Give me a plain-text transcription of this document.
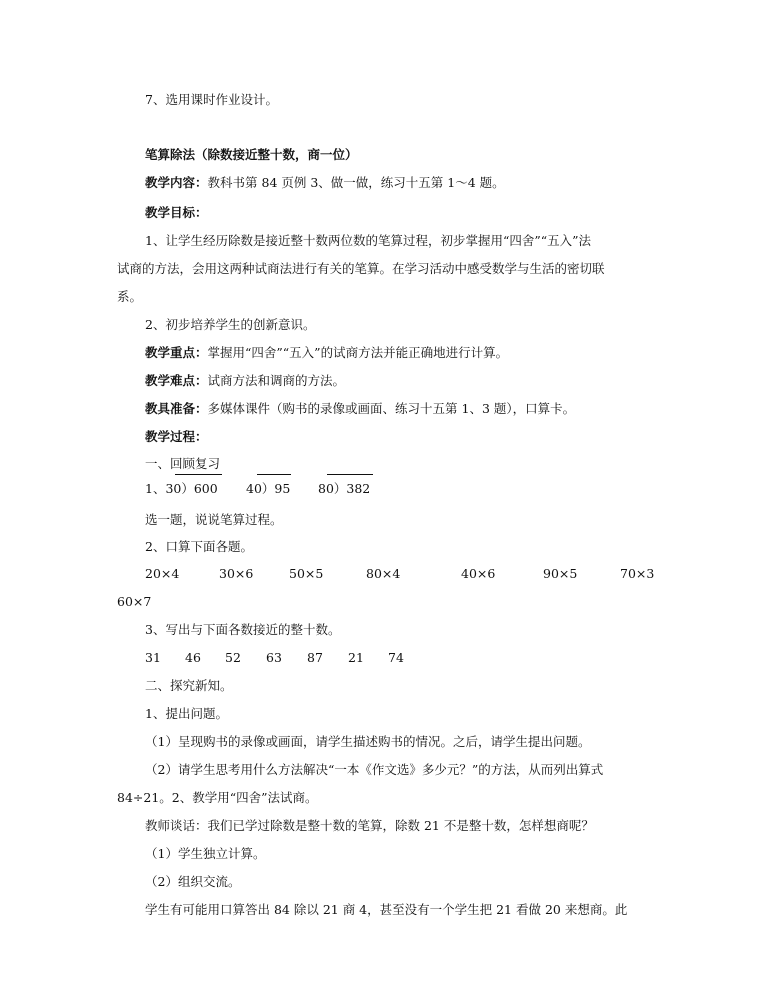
7、选用课时作业设计。
笔算除法（除数接近整十数，商一位）
教学内容：教科书第 84 页例 3、做一做，练习十五第 1～4 题。
教学目标：
1、让学生经历除数是接近整十数两位数的笔算过程，初步掌握用“四舍”“五入”法
试商的方法，会用这两种试商法进行有关的笔算。在学习活动中感受数学与生活的密切联
系。
2、初步培养学生的创新意识。
教学重点：掌握用“四舍”“五入”的试商方法并能正确地进行计算。
教学难点：试商方法和调商的方法。
教具准备：多媒体课件（购书的录像或画面、练习十五第 1、3 题），口算卡。
教学过程：
一、回顾复习
1、30）600 40）95 80）382
选一题，说说笔算过程。
2、口算下面各题。
20×4	30×6	50×5	80×4	40×6	90×5	70×3
60×7
3、写出与下面各数接近的整十数。
31 46 52 63 87 21 74
二、探究新知。
1、提出问题。
（1）呈现购书的录像或画面，请学生描述购书的情况。之后，请学生提出问题。
（2）请学生思考用什么方法解决“一本《作文选》多少元？”的方法，从而列出算式
84÷21。2、教学用“四舍”法试商。
教师谈话：我们已学过除数是整十数的笔算，除数 21 不是整十数，怎样想商呢？
（1）学生独立计算。
（2）组织交流。
学生有可能用口算答出 84 除以 21 商 4，甚至没有一个学生把 21 看做 20 来想商。此
